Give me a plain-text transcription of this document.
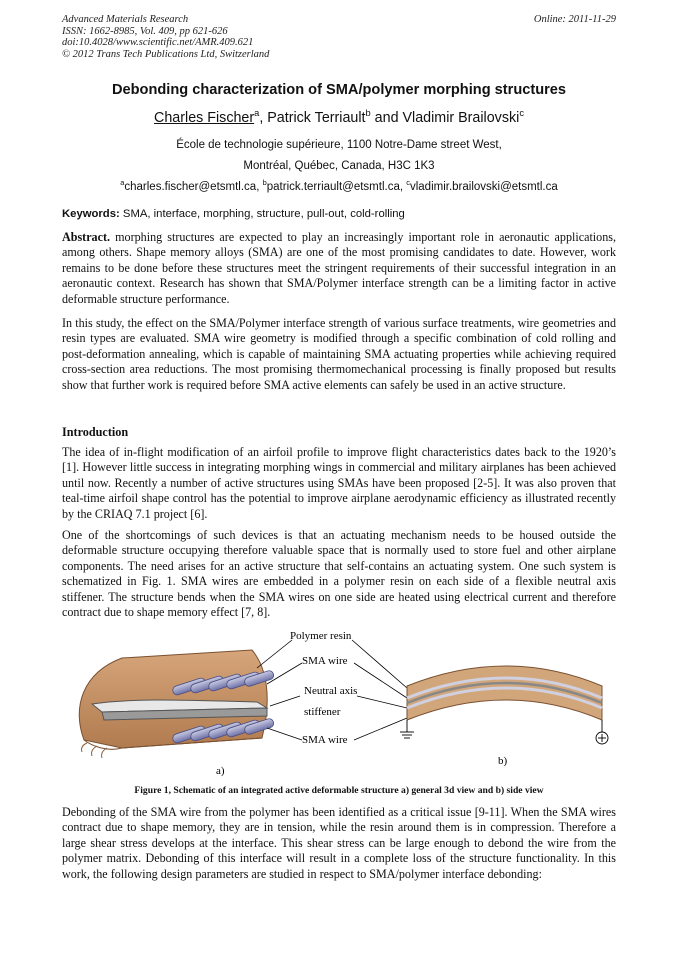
Advanced Materials Research
ISSN: 1662-8985, Vol. 409, pp 621-626
doi:10.4028/www.scientific.net/AMR.409.621
© 2012 Trans Tech Publications Ltd, Switzerland
Online: 2011-11-29
Debonding characterization of SMA/polymer morphing structures
Charles Fischer$^a$, Patrick Terriault$^b$ and Vladimir Brailovski$^c$
École de technologie supérieure, 1100 Notre-Dame street West,
Montréal, Québec, Canada, H3C 1K3
$^a$charles.fischer@etsmtl.ca, $^b$patrick.terriault@etsmtl.ca, $^c$vladimir.brailovski@etsmtl.ca
Keywords: SMA, interface, morphing, structure, pull-out, cold-rolling
Abstract. morphing structures are expected to play an increasingly important role in aeronautic applications, among others. Shape memory alloys (SMA) are one of the most promising candidates to date. However, work remains to be done before these structures meet the stringent requirements of their successful integration in an aeronautic context. Research has shown that SMA/Polymer interface strength can be a limiting factor in active deformable structure performance.
In this study, the effect on the SMA/Polymer interface strength of various surface treatments, wire geometries and resin types are evaluated. SMA wire geometry is modified through a specific combination of cold rolling and post-deformation annealing, which is capable of maintaining SMA actuating properties while achieving required cross-section area reductions. The most promising thermomechanical processing is finally proposed but results show that further work is required before SMA active elements can safely be used in an active structure.
Introduction
The idea of in-flight modification of an airfoil profile to improve flight characteristics dates back to the 1920’s [1]. However little success in integrating morphing wings in commercial and military airplanes has been achieved until now. Recently a number of active structures using SMAs have been proposed [2-5]. It was also proven that teal-time airfoil shape control has the potential to improve airplane aerodynamic efficiency as illustrated recently by the CRIAQ 7.1 project [6].
One of the shortcomings of such devices is that an actuating mechanism needs to be housed outside the deformable structure occupying therefore valuable space that is normally used to store fuel and other airplane components. The need arises for an active structure that self-contains an actuating system. One such system is schematized in Fig. 1. SMA wires are embedded in a polymer resin on each side of a flexible neutral axis stiffener. The structure bends when the SMA wires on one side are heated using electrical current and therefore contract due to shape memory effect [7, 8].
Polymer resin
SMA wire
Neutral axis
stiffener
SMA wire
a)
b)
Figure 1, Schematic of an integrated active deformable structure a) general 3d view and b) side view
Debonding of the SMA wire from the polymer has been identified as a critical issue [9-11]. When the SMA wires contract due to shape memory, they are in tension, while the resin around them is in compression. Therefore a large shear stress develops at the interface. This shear stress can be large enough to debond the wire from the polymer matrix. Debonding of this interface will result in a complete loss of the structure functionality. In this work, the following design parameters are studied in respect to SMA/polymer interface debonding:
